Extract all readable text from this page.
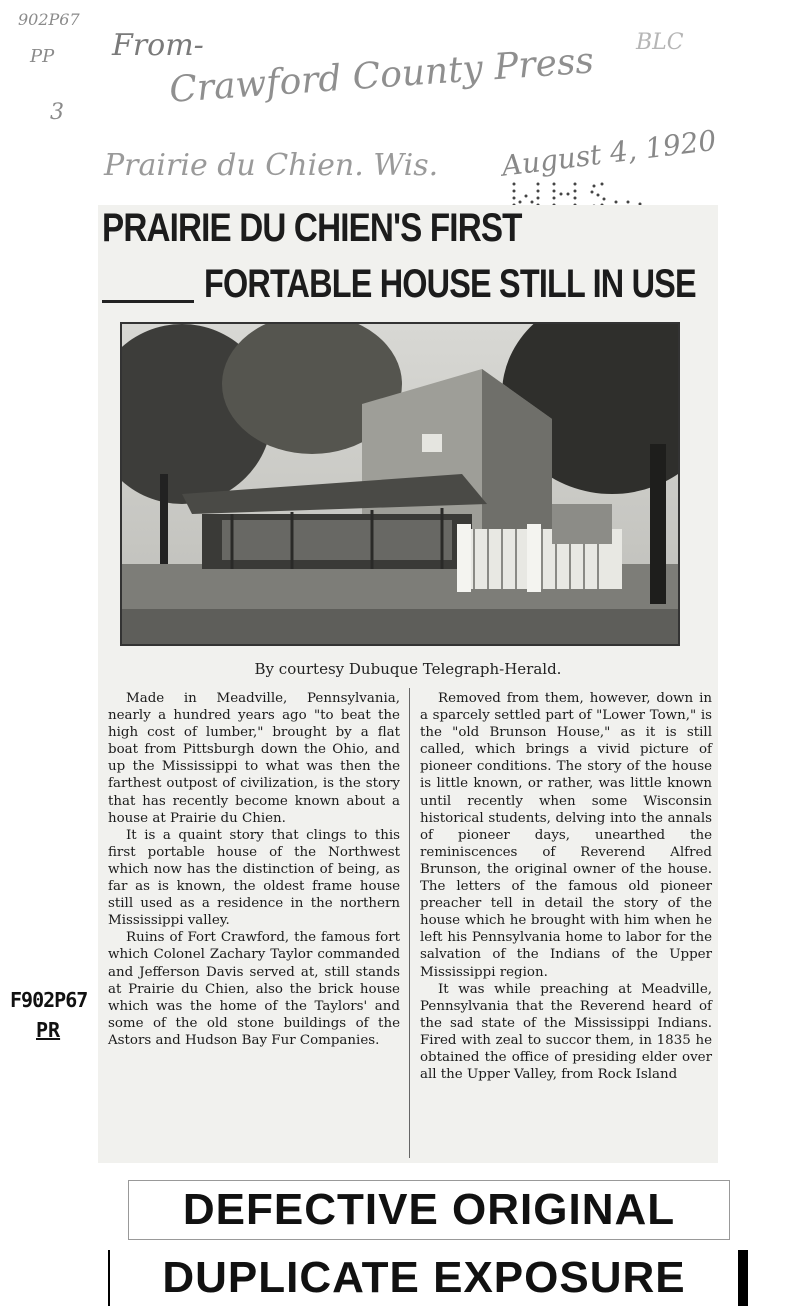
902P67
PP
3
From-
Crawford County Press
Prairie du Chien. Wis. August 4, 1920
BLC
PRAIRIE DU CHIEN'S FIRST
FORTABLE HOUSE STILL IN USE
By courtesy Dubuque Telegraph-Herald.

Made in Meadville, Pennsylvania, nearly a hundred years ago "to beat the high cost of lumber," brought by a flat boat from Pittsburgh down the Ohio, and up the Mississippi to what was then the farthest outpost of civilization, is the story that has recently become known about a house at Prairie du Chien.

It is a quaint story that clings to this first portable house of the Northwest which now has the distinction of being, as far as is known, the oldest frame house still used as a residence in the northern Mississippi valley.

Ruins of Fort Crawford, the famous fort which Colonel Zachary Taylor commanded and Jefferson Davis served at, still stands at Prairie du Chien, also the brick house which was the home of the Taylors' and some of the old stone buildings of the Astors and Hudson Bay Fur Companies.

Removed from them, however, down in a sparcely settled part of "Lower Town," is the "old Brunson House," as it is still called, which brings a vivid picture of pioneer conditions. The story of the house is little known, or rather, was little known until recently when some Wisconsin historical students, delving into the annals of pioneer days, unearthed the reminiscences of Reverend Alfred Brunson, the original owner of the house. The letters of the famous old pioneer preacher tell in detail the story of the house which he brought with him when he left his Pennsylvania home to labor for the salvation of the Indians of the Upper Mississippi region.

It was while preaching at Meadville, Pennsylvania that the Reverend heard of the sad state of the Mississippi Indians. Fired with zeal to succor them, in 1835 he obtained the office of presiding elder over all the Upper Valley, from Rock Island

F902P67
PR
DEFECTIVE ORIGINAL
DUPLICATE EXPOSURE
